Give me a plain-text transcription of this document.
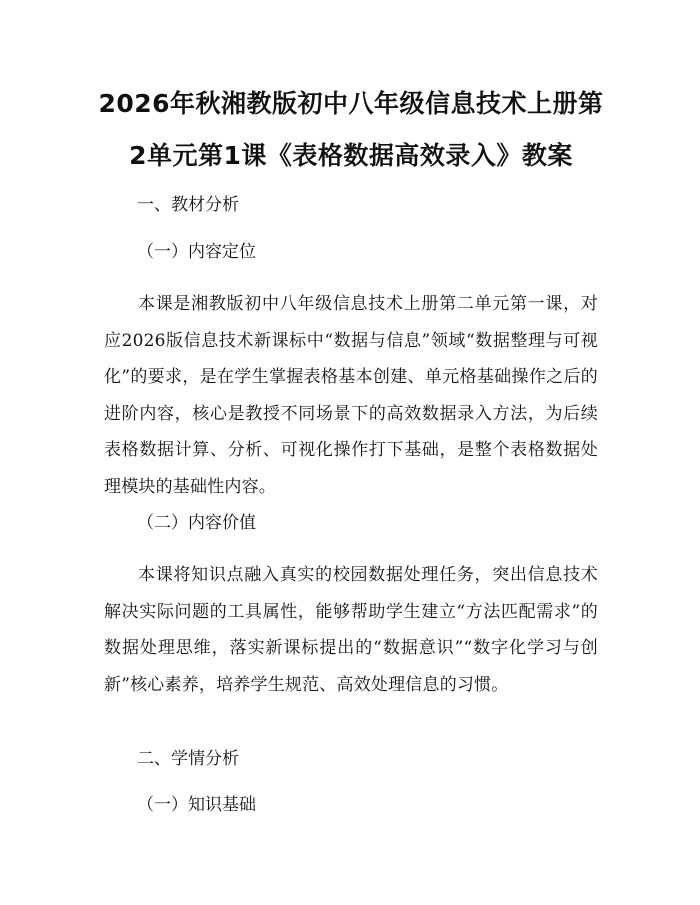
2026年秋湘教版初中八年级信息技术上册第
2单元第1课《表格数据高效录入》教案
一、教材分析
（一）内容定位

本课是湘教版初中八年级信息技术上册第二单元第一课，对应2026版信息技术新课标中“数据与信息”领域“数据整理与可视化”的要求，是在学生掌握表格基本创建、单元格基础操作之后的进阶内容，核心是教授不同场景下的高效数据录入方法，为后续表格数据计算、分析、可视化操作打下基础，是整个表格数据处理模块的基础性内容。

（二）内容价值

本课将知识点融入真实的校园数据处理任务，突出信息技术解决实际问题的工具属性，能够帮助学生建立“方法匹配需求”的数据处理思维，落实新课标提出的“数据意识”“数字化学习与创新”核心素养，培养学生规范、高效处理信息的习惯。

二、学情分析
（一）知识基础
